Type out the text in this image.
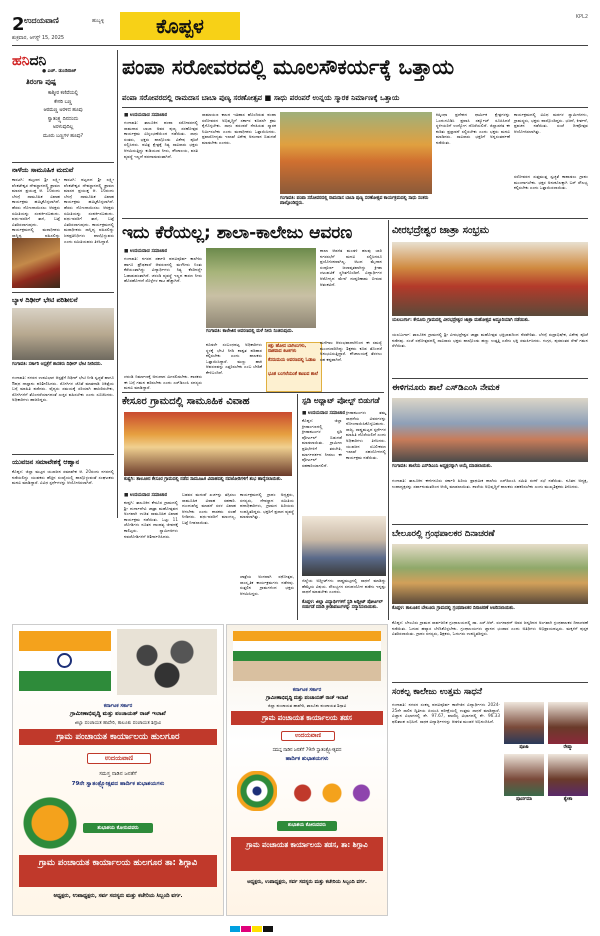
2 ಉದಯವಾಣಿ	ಹುಬ್ಬಳ್ಳಿ
ಶುಕ್ರವಾರ, ಆಗಸ್ಟ್ 15, 2025	ಕೊಪ್ಪಳ	KPL2
ಹನಿದನಿ
● ಎಚ್. ಡುಂಡಿರಾಜ್
ತಿರಂಗಾ ಪುಷ್ಪ
ಕಾಶ್ಮೀರ ಕಣಿವೆಯಲ್ಲಿ
ಕೇಸರಿ ಬಣ್ಣ
ಆರಮಣ್ಣ ಅರಳಿದ ಹೂವು
ಸ್ವಾತಂತ್ರ್ಯ ದಿನದಂದು
ಅರಳುವುದಿಲ್ಲ
ಮೂರು ಬಣ್ಣಗಳ ಹೂವು?
ನಾಳೆಯ ಸಾಮೂಹಿಕ ಮದುವೆ
ಕಾರಟಗಿ: ಪಟ್ಟಣದ ಶ್ರೀ ಲಕ್ಷ್ಮೀ ವೆಂಕಟೇಶ್ವರ ದೇವಸ್ಥಾನದಲ್ಲಿ ಶ್ರಾವಣ ಮಾಸದ ಪ್ರಯುಕ್ತ ಆ. 16ರಂದು ಬೆಳಗ್ಗೆ ಸಾಮೂಹಿಕ ವಿವಾಹ ಕಾರ್ಯಕ್ರಮ ಹಮ್ಮಿಕೊಳ್ಳಲಾಗಿದೆ. ಹೆಸರು ನೋಂದಾಯಿಸಲು ಆಸಕ್ತರು ಸಮಿತಿಯನ್ನು ಸಂಪರ್ಕಿಸಬಹುದು. ವಧು-ವರರಿಗೆ ತಾಳಿ, ಬಟ್ಟೆ ವಿತರಿಸಲಾಗುವುದು. ಕಾರ್ಯಕ್ರಮದಲ್ಲಿ ಮಠಾಧೀಶರು ಸಾನ್ನಿಧ್ಯ ವಹಿಸಲಿದ್ದು
ಕಾರಟಗಿ: ಪಟ್ಟಣದ ಶ್ರೀ ಲಕ್ಷ್ಮೀ ವೆಂಕಟೇಶ್ವರ ದೇವಸ್ಥಾನದಲ್ಲಿ ಶ್ರಾವಣ ಮಾಸದ ಪ್ರಯುಕ್ತ ಆ. 16ರಂದು ಬೆಳಗ್ಗೆ ಸಾಮೂಹಿಕ ವಿವಾಹ ಕಾರ್ಯಕ್ರಮ ಹಮ್ಮಿಕೊಳ್ಳಲಾಗಿದೆ. ಹೆಸರು ನೋಂದಾಯಿಸಲು ಆಸಕ್ತರು ಸಮಿತಿಯನ್ನು ಸಂಪರ್ಕಿಸಬಹುದು. ವಧು-ವರರಿಗೆ ತಾಳಿ, ಬಟ್ಟೆ ವಿತರಿಸಲಾಗುವುದು. ಕಾರ್ಯಕ್ರಮದಲ್ಲಿ ಮಠಾಧೀಶರು ಸಾನ್ನಿಧ್ಯ ವಹಿಸಲಿದ್ದು ಜನಪ್ರತಿನಿಧಿಗಳು ಪಾಲ್ಗೊಳ್ಳುವರು ಎಂದು ಸಮಿತಿಯವರು ತಿಳಿಸಿದ್ದಾರೆ.
ಬ್ಯಾಳ ದಿಢೀರ್‌ ಭೇಟಿ ಪರಿಶೀಲನೆ
ಗಂಗಾವತಿ: ಸರ್ಕಾರಿ ಆಸ್ಪತ್ರೆಗೆ ಶಾಸಕರು ದಿಢೀರ್‌ ಭೇಟಿ ನೀಡಿದರು.
ಗಂಗಾವತಿ: ನಗರದ ಉಪವಿಭಾಗ ಆಸ್ಪತ್ರೆಗೆ ದಿಢೀರ್ ಭೇಟಿ ನೀಡಿ ಸ್ವಚ್ಛತೆ ಹಾಗೂ ಔಷಧ ದಾಸ್ತಾನು ಪರಿಶೀಲಿಸಿದರು. ರೋಗಿಗಳ ಜೊತೆ ಮಾತನಾಡಿ ಚಿಕಿತ್ಸೆಯ ಬಗ್ಗೆ ಮಾಹಿತಿ ಪಡೆದರು. ವೈದ್ಯರು ಸಮಯಕ್ಕೆ ಸರಿಯಾಗಿ ಹಾಜರಿರಬೇಕು, ರೋಗಿಗಳಿಗೆ ತೊಂದರೆಯಾಗದಂತೆ ಎಚ್ಚರ ವಹಿಸಬೇಕು ಎಂದು ಸೂಚಿಸಿದರು. ಅಧಿಕಾರಿಗಳು ಹಾಜರಿದ್ದರು.
ಯುವಜನ ಸಮಾವೇಶಕ್ಕೆ ಆಹ್ವಾನ
ಕೊಪ್ಪಳ: ಜಿಲ್ಲಾ ಮಟ್ಟದ ಯುವಜನ ಸಮಾವೇಶ ಆ. 20ರಂದು ನಗರದಲ್ಲಿ ನಡೆಯಲಿದ್ದು ಯುವಕರು ಹೆಚ್ಚಿನ ಸಂಖ್ಯೆಯಲ್ಲಿ ಪಾಲ್ಗೊಳ್ಳುವಂತೆ ಸಂಘಟಕರು ಮನವಿ ಮಾಡಿದ್ದಾರೆ. ವಿವಿಧ ಸ್ಪರ್ಧೆಗಳನ್ನು ಆಯೋಜಿಸಲಾಗಿದೆ.
ಪಂಪಾ ಸರೋವರದಲ್ಲಿ ಮೂಲಸೌಕರ್ಯಕ್ಕೆ ಒತ್ತಾಯ
ಪಂಪಾ ಸರೋವರದಲ್ಲಿ ರಾಮದಾಸ ಬಾಬಾ ಪುಣ್ಯ ಸರಣೋತ್ಸವ ■ ಸಾಧು ಪರಂಪರೆ ಉನ್ನಯ ಸ್ಮಾರಕ ನಿರ್ಮಾಣಕ್ಕೆ ಒತ್ತಾಯ
■ ಉದಯವಾಣಿ ಸಮಾಚಾರ
ಗಂಗಾವತಿ: ತಾಲೂಕಿನ ಪಂಪಾ ಸರೋವರದಲ್ಲಿ ರಾಮದಾಸ ಬಾಬಾ ಅವರ ಪುಣ್ಯ ಸರಣೋತ್ಸವ ಕಾರ್ಯಕ್ರಮ ವಿಜೃಂಭಣೆಯಿಂದ ನಡೆಯಿತು. ಸಾಧು ಸಂತರು, ಭಕ್ತರು ಪಾಲ್ಗೊಂಡು ವಿಶೇಷ ಪೂಜೆ ಸಲ್ಲಿಸಿದರು. ಪವಿತ್ರ ಕ್ಷೇತ್ರಕ್ಕೆ ನಿತ್ಯ ಸಾವಿರಾರು ಭಕ್ತರು ಆಗಮಿಸುತ್ತಿದ್ದು ಕುಡಿಯುವ ನೀರು, ಶೌಚಾಲಯ, ವಸತಿ ವ್ಯವಸ್ಥೆ ಇಲ್ಲದೆ ಪರದಾಡುವಂತಾಗಿದೆ.
ರಾಮಾಯಣ ಕಾಲದ ಇತಿಹಾಸ ಹೊಂದಿರುವ ಪಂಪಾ ಸರೋವರದ ಅಭಿವೃದ್ಧಿಗೆ ಸರ್ಕಾರ ಕೂಡಲೇ ಕ್ರಮ ಕೈಗೊಳ್ಳಬೇಕು. ಸಾಧು ಪರಂಪರೆ ನೆನಪಿಸುವ ಸ್ಮಾರಕ ನಿರ್ಮಿಸಬೇಕು ಎಂದು ಮಠಾಧೀಶರು ಒತ್ತಾಯಿಸಿದರು. ಪ್ರವಾಸೋದ್ಯಮ ಇಲಾಖೆ ವಿಶೇಷ ಅನುದಾನ ಬಿಡುಗಡೆ ಮಾಡಬೇಕು ಎಂದರು.
ಗಂಗಾವತಿ: ಪಂಪಾ ಸರೋವರದಲ್ಲಿ ರಾಮದಾಸ ಬಾಬಾ ಪುಣ್ಯ ಸರಣೋತ್ಸವ ಕಾರ್ಯಕ್ರಮದಲ್ಲಿ ಸಾಧು ಸಂತರು ಪಾಲ್ಗೊಂಡಿದ್ದರು.
ಕಿಷ್ಕಿಂಧಾ ಪ್ರದೇಶದ ಧಾರ್ಮಿಕ ಕ್ಷೇತ್ರಗಳನ್ನು ಒಂದುಗೂಡಿಸಿ ಪ್ರವಾಸಿ ಸರ್ಕ್ಯೂಟ್ ರೂಪಿಸಿದರೆ ಸ್ಥಳೀಯರಿಗೆ ಉದ್ಯೋಗ ದೊರೆಯಲಿದೆ. ಜಿಲ್ಲಾಡಳಿತ ಈ ಕುರಿತು ಪ್ರಸ್ತಾವನೆ ಸಲ್ಲಿಸಬೇಕು ಎಂದು ಭಕ್ತರು ಮನವಿ ಮಾಡಿದರು. ಸಾವಿರಾರು ಭಕ್ತರಿಗೆ ಅನ್ನಸಂತರ್ಪಣೆ ನಡೆಯಿತು.
ಕಾರ್ಯಕ್ರಮದಲ್ಲಿ ವಿವಿಧ ಮಠಗಳ ಸ್ವಾಮೀಜಿಗಳು, ಗ್ರಾಮಸ್ಥರು, ಭಕ್ತರು ಪಾಲ್ಗೊಂಡಿದ್ದರು. ಭಜನೆ, ಕೀರ್ತನೆ, ಪ್ರವಚನ ನಡೆಯಿತು. ಸಂಜೆ ದೀಪೋತ್ಸವ ಆಯೋಜಿಸಲಾಗಿತ್ತು.
ಸರೋವರದ ಸುತ್ತಮುತ್ತ ಸ್ವಚ್ಛತೆ ಕಾಪಾಡಲು ಗ್ರಾಪಂ ಮುಂದಾಗಬೇಕು. ಭಕ್ತರ ಅನುಕೂಲಕ್ಕಾಗಿ ಬಸ್ ಸೌಲಭ್ಯ ಕಲ್ಪಿಸಬೇಕು ಎಂದು ಒತ್ತಾಯಿಸಲಾಯಿತು.
ಇದು ಕೆರೆಯಲ್ಲ; ಶಾಲಾ-ಕಾಲೇಜು ಆವರಣ
■ ಉದಯವಾಣಿ ಸಮಾಚಾರ
ಗಂಗಾವತಿ: ನಗರದ ಸರ್ಕಾರಿ ಪದವಿಪೂರ್ವ ಕಾಲೇಜು ಹಾಗೂ ಪ್ರೌಢಶಾಲೆ ಆವರಣದಲ್ಲಿ ಮಳೆನೀರು ನಿಂತು ಕೆರೆಯಂತಾಗಿದ್ದು ವಿದ್ಯಾರ್ಥಿಗಳು ನಿತ್ಯ ಕೆಸರಿನಲ್ಲೇ ಓಡಾಡುವಂತಾಗಿದೆ. ಚರಂಡಿ ವ್ಯವಸ್ಥೆ ಇಲ್ಲದ ಕಾರಣ ನೀರು ಹೊರಹೋಗದೆ ಸೊಳ್ಳೆಗಳ ಕಾಟ ಹೆಚ್ಚಾಗಿದೆ.
ಗಂಗಾವತಿ: ಕಾಲೇಜಿನ ಆವರಣದಲ್ಲಿ ಮಳೆ ನೀರು ನಿಂತಿರುವುದು.
ಶಾಲಾ ಆಡಳಿತ ಮಂಡಳಿ ಹಲವು ಬಾರಿ ನಗರಸಭೆಗೆ ಮನವಿ ಸಲ್ಲಿಸಿದರೂ ಪ್ರಯೋಜನವಾಗಿಲ್ಲ. ಆಟದ ಮೈದಾನ ಸಂಪೂರ್ಣ ಜಲಾವೃತವಾಗಿದ್ದು ಕ್ರೀಡಾ ಚಟುವಟಿಕೆ ಸ್ಥಗಿತಗೊಂಡಿದೆ. ವಿದ್ಯಾರ್ಥಿಗಳ ಆರೋಗ್ಯದ ಮೇಲೆ ದುಷ್ಪರಿಣಾಮ ಬೀರುವ ಆತಂಕವಿದೆ.
ಕೂಡಲೇ ಸಂಬಂಧಪಟ್ಟ ಅಧಿಕಾರಿಗಳು ಸ್ಥಳಕ್ಕೆ ಭೇಟಿ ನೀಡಿ ಶಾಶ್ವತ ಪರಿಹಾರ ಕಲ್ಪಿಸಬೇಕು ಎಂದು ಪಾಲಕರು ಒತ್ತಾಯಿಸಿದ್ದಾರೆ. ಮಣ್ಣು ಹಾಕಿ ಆವರಣವನ್ನು ಎತ್ತರಿಸಬೇಕು ಎಂಬ ಬೇಡಿಕೆ ಕೇಳಿಬಂದಿದೆ.
ಕಿತ್ತು ಹೋದ ಬಾಗಿಲುಗಳು, ನಾಶವಾದ ಕಿಟಕಿಗಳು
ಕೆಸರುಮಯ ಆವರಣದಲ್ಲಿ ಓಡಾಟ
ಭೂತ ಬಂಗಲೆಯಂತೆ ಕಾಣುವ ಶಾಲೆ
ಮಳೆಗಾಲ ಆರಂಭವಾದಾಗಿನಿಂದ ಈ ಸಮಸ್ಯೆ ಮುಂದುವರಿದಿದ್ದು ಶಿಕ್ಷಕರು ಕೂಡ ತೊಂದರೆ ಅನುಭವಿಸುತ್ತಿದ್ದಾರೆ. ಶೌಚಾಲಯಕ್ಕೆ ತೆರಳಲು ಸಹ ಕಷ್ಟವಾಗಿದೆ.
ಚರಂಡಿ ನಿರ್ಮಾಣಕ್ಕೆ ಅನುದಾನ ಮೀಸಲಿಡಬೇಕು. ಶಾಸಕರು ಈ ಬಗ್ಗೆ ಗಮನ ಹರಿಸಬೇಕು ಎಂದು ಎಸ್‌ಡಿಎಂಸಿ ಸದಸ್ಯರು ಮನವಿ ಮಾಡಿದ್ದಾರೆ.
ಕೇಸೂರ ಗ್ರಾಮದಲ್ಲಿ ಸಾಮೂಹಿಕ ವಿವಾಹ
ಕುಷ್ಟಗಿ: ತಾಲೂಕಿನ ಕೇಸೂರ ಗ್ರಾಮದಲ್ಲಿ ನಡೆದ ಸಾಮೂಹಿಕ ವಿವಾಹದಲ್ಲಿ ನವಜೋಡಿಗಳಿಗೆ ಶುಭ ಹಾರೈಸಲಾಯಿತು.
■ ಉದಯವಾಣಿ ಸಮಾಚಾರ
ಕುಷ್ಟಗಿ: ತಾಲೂಕಿನ ಕೇಸೂರ ಗ್ರಾಮದಲ್ಲಿ ಶ್ರೀ ದುರ್ಗಾದೇವಿ ಜಾತ್ರಾ ಮಹೋತ್ಸವದ ಅಂಗವಾಗಿ ಉಚಿತ ಸಾಮೂಹಿಕ ವಿವಾಹ ಕಾರ್ಯಕ್ರಮ ನಡೆಯಿತು. ಒಟ್ಟು 11 ಜೋಡಿಗಳು ನೂತನ ದಾಂಪತ್ಯ ಜೀವನಕ್ಕೆ ಕಾಲಿಟ್ಟರು. ಸ್ವಾಮೀಜಿಗಳು ನವಜೋಡಿಗಳಿಗೆ ಆಶೀರ್ವದಿಸಿದರು.
ಬಡವರ ಮದುವೆ ಖರ್ಚನ್ನು ತಗ್ಗಿಸಲು ಸಾಮೂಹಿಕ ವಿವಾಹ ಸಹಕಾರಿ. ದುಂದುವೆಚ್ಚ ಮಾಡದೆ ಸರಳ ವಿವಾಹ ಆಗಬೇಕು ಎಂದು ಶಾಸಕರು ಸಲಹೆ ನೀಡಿದರು. ವಧು-ವರರಿಗೆ ಮಾಂಗಲ್ಯ, ಬಟ್ಟೆ ನೀಡಲಾಯಿತು.
ಕಾರ್ಯಕ್ರಮದಲ್ಲಿ ಗ್ರಾಪಂ ಅಧ್ಯಕ್ಷರು, ಸದಸ್ಯರು, ದೇವಸ್ಥಾನ ಸಮಿತಿಯ ಪದಾಧಿಕಾರಿಗಳು, ಗ್ರಾಮದ ಹಿರಿಯರು ಉಪಸ್ಥಿತರಿದ್ದರು. ಭಕ್ತರಿಗೆ ಪ್ರಸಾದ ವ್ಯವಸ್ಥೆ ಮಾಡಲಾಗಿತ್ತು.
ಜಾತ್ರೆಯ ಅಂಗವಾಗಿ ರಥೋತ್ಸವ, ಸಾಂಸ್ಕೃತಿಕ ಕಾರ್ಯಕ್ರಮಗಳು ನಡೆದವು. ಸುತ್ತಲಿನ ಗ್ರಾಮಗಳಿಂದ ಭಕ್ತರು ಆಗಮಿಸಿದ್ದರು.
ಸ್ಪಡಿ ಅಥ್ಲಾಟ್ ಪೋಲ್ಟ್ ಬಿಡುಗಡೆ
■ ಉದಯವಾಣಿ ಸಮಾಚಾರ
ಕೊಪ್ಪಳ: ಜಿಲ್ಲಾ ಕ್ರೀಡಾಂಗಣದಲ್ಲಿ ಕ್ರೀಡಾಪಟುಗಳ ಸ್ಟಡಿ ಪೋರ್ಟಲ್ ಬಿಡುಗಡೆ ಮಾಡಲಾಯಿತು. ಗ್ರಾಮೀಣ ಪ್ರತಿಭೆಗಳಿಗೆ ತರಬೇತಿ, ಮಾರ್ಗದರ್ಶನ ನೀಡಲು ಈ ಪೋರ್ಟಲ್ ಸಹಕಾರಿಯಾಗಲಿದೆ.
ಕ್ರೀಡಾಪಟುಗಳು ತಮ್ಮ ಸಾಧನೆಯ ವಿವರಗಳನ್ನು ನೋಂದಾಯಿಸಿಕೊಳ್ಳಬಹುದು. ರಾಜ್ಯ, ರಾಷ್ಟ್ರಮಟ್ಟದ ಸ್ಪರ್ಧೆಗಳ ಮಾಹಿತಿ ದೊರೆಯಲಿದೆ ಎಂದು ಅಧಿಕಾರಿಗಳು ತಿಳಿಸಿದರು. ಯುವಜನ ಸಬಲೀಕರಣ ಇಲಾಖೆ ಸಹಯೋಗದಲ್ಲಿ ಕಾರ್ಯಕ್ರಮ ನಡೆಯಿತು.
ಜಿಲ್ಲೆಯ ಅಥ್ಲೀಟ್‌ಗಳು ರಾಷ್ಟ್ರಮಟ್ಟದಲ್ಲಿ ಸಾಧನೆ ಮಾಡಿದ್ದು ಹೆಮ್ಮೆಯ ವಿಷಯ. ಸೌಲಭ್ಯಗಳ ಸದುಪಯೋಗ ಪಡೆದು ಇನ್ನಷ್ಟು ಸಾಧನೆ ಮಾಡಬೇಕು ಎಂದರು.
ಕೊಪ್ಪಳ: ಜಿಲ್ಲಾ ವಿದ್ಯಾರ್ಥಿಗಳಿಗೆ ಸ್ಟಡಿ ಅಥ್ಲೀಟ್ ಪೋರ್ಟಲ್ ಬಿಡುಗಡೆ ಮಾಡಿ ಕ್ರೀಡಾಪಟುಗಳನ್ನು ಸನ್ಮಾನಿಸಲಾಯಿತು.
ವೀರಭದ್ರೇಶ್ವರ ಜಾತ್ರಾ ಸಂಭ್ರಮ
ಯಲಬುರ್ಗಾ: ಕೇಸೂರು ಗ್ರಾಮದಲ್ಲಿ ವೀರಭದ್ರೇಶ್ವರ ಜಾತ್ರಾ ಮಹೋತ್ಸವ ಅದ್ದೂರಿಯಾಗಿ ನಡೆಯಿತು.
ಯಲಬುರ್ಗಾ: ತಾಲೂಕಿನ ಗ್ರಾಮದಲ್ಲಿ ಶ್ರೀ ವೀರಭದ್ರೇಶ್ವರ ಜಾತ್ರಾ ಮಹೋತ್ಸವ ಭಕ್ತಿಭಾವದಿಂದ ನೆರವೇರಿತು. ಬೆಳಗ್ಗೆ ರುದ್ರಾಭಿಷೇಕ, ವಿಶೇಷ ಪೂಜೆ ನಡೆದವು. ಸಂಜೆ ರಥೋತ್ಸವದಲ್ಲಿ ಸಾವಿರಾರು ಭಕ್ತರು ಪಾಲ್ಗೊಂಡು ಹಣ್ಣು ಉತ್ತತ್ತಿ ಎಸೆದು ಭಕ್ತಿ ಸಮರ್ಪಿಸಿದರು. ಗುಗ್ಗಳ, ಪುರವಂತರ ಸೇವೆ ಗಮನ ಸೆಳೆಯಿತು.
ಈಳಿಗನೂರು ಶಾಲೆ ಎಸ್‌ಡಿಎಂಸಿ ನೇಮಕ
ಗಂಗಾವತಿ: ಶಾಲೆಯ ಎಸ್‌ಡಿಎಂಸಿ ಅಧ್ಯಕ್ಷರನ್ನಾಗಿ ಆಯ್ಕೆ ಮಾಡಲಾಯಿತು.
ಗಂಗಾವತಿ: ತಾಲೂಕಿನ ಈಳಿಗನೂರು ಸರ್ಕಾರಿ ಹಿರಿಯ ಪ್ರಾಥಮಿಕ ಶಾಲೆಯ ಎಸ್‌ಡಿಎಂಸಿ ಸಮಿತಿ ರಚನೆ ಸಭೆ ನಡೆಯಿತು. ನೂತನ ಅಧ್ಯಕ್ಷ, ಉಪಾಧ್ಯಕ್ಷರನ್ನು ಸರ್ವಾನುಮತದಿಂದ ಆಯ್ಕೆ ಮಾಡಲಾಯಿತು. ಶಾಲೆಯ ಅಭಿವೃದ್ಧಿಗೆ ಪಾಲಕರು ಸಹಕರಿಸಬೇಕು ಎಂದು ಮುಖ್ಯಶಿಕ್ಷಕರು ತಿಳಿಸಿದರು.
ಬೇಲೂರಲ್ಲಿ ಗ್ರಂಥಪಾಲಕರ ದಿನಾಚರಣೆ
ಕೊಪ್ಪಳ: ತಾಲೂಕಿನ ಬೇಲೂರು ಗ್ರಾಮದಲ್ಲಿ ಗ್ರಂಥಪಾಲಕರ ದಿನಾಚರಣೆ ಆಚರಿಸಲಾಯಿತು.
ಕೊಪ್ಪಳ: ಬೇಲೂರು ಗ್ರಾಮದ ಸಾರ್ವಜನಿಕ ಗ್ರಂಥಾಲಯದಲ್ಲಿ ಡಾ. ಎಸ್.ಆರ್. ರಂಗನಾಥನ್ ಅವರ ಜನ್ಮದಿನದ ಅಂಗವಾಗಿ ಗ್ರಂಥಪಾಲಕರ ದಿನಾಚರಣೆ ನಡೆಯಿತು. ಓದುವ ಹವ್ಯಾಸ ಬೆಳೆಸಿಕೊಳ್ಳಬೇಕು. ಗ್ರಂಥಾಲಯಗಳು ಜ್ಞಾನದ ಭಂಡಾರ ಎಂದು ಅತಿಥಿಗಳು ಅಭಿಪ್ರಾಯಪಟ್ಟರು. ಮಕ್ಕಳಿಗೆ ಪುಸ್ತಕ ವಿತರಿಸಲಾಯಿತು. ಗ್ರಾಪಂ ಸದಸ್ಯರು, ಶಿಕ್ಷಕರು, ಓದುಗರು ಉಪಸ್ಥಿತರಿದ್ದರು.
ಸಂಕಲ್ಪ ಕಾಲೇಜು ಉತ್ತಮ ಸಾಧನೆ
ಗಂಗಾವತಿ: ನಗರದ ಸಂಕಲ್ಪ ಪದವಿಪೂರ್ವ ಕಾಲೇಜಿನ ವಿದ್ಯಾರ್ಥಿಗಳು 2024-25ನೇ ಸಾಲಿನ ದ್ವಿತೀಯ ಪಿಯುಸಿ ಪರೀಕ್ಷೆಯಲ್ಲಿ ಉತ್ತಮ ಸಾಧನೆ ಮಾಡಿದ್ದಾರೆ. ವಿಜ್ಞಾನ ವಿಭಾಗದಲ್ಲಿ ಶೇ. 97.67, ವಾಣಿಜ್ಯ ವಿಭಾಗದಲ್ಲಿ ಶೇ. 96.33 ಫಲಿತಾಂಶ ಲಭಿಸಿದೆ. ಸಾಧಕ ವಿದ್ಯಾರ್ಥಿಗಳನ್ನು ಆಡಳಿತ ಮಂಡಳಿ ಅಭಿನಂದಿಸಿದೆ.
ಪೂಜಾ	ರೇಷ್ಮಾ
ಪೂರ್ಣಿಮಾ	ಶ್ವೇತಾ
ಕರ್ನಾಟಕ ಸರ್ಕಾರ
ಗ್ರಾಮೀಣಾಭಿವೃದ್ಧಿ ಮತ್ತು ಪಂಚಾಯತ್ ರಾಜ್ ಇಲಾಖೆ
ಜಿಲ್ಲಾ ಪಂಚಾಯತ ಹಾವೇರಿ, ತಾಲೂಕು ಪಂಚಾಯತ ಶಿಗ್ಗಾವಿ
ಗ್ರಾಮ ಪಂಚಾಯತ ಕಾರ್ಯಾಲಯ ಹುಲಗೂರ
ಉದಯವಾಣಿ
ಸಮಸ್ತ ನಾಡಿನ ಜನತೆಗೆ
79ನೇ ಸ್ವಾತಂತ್ರ್ಯೋತ್ಸವದ ಹಾರ್ದಿಕ ಶುಭಾಶಯಗಳು
ಶುಭಾಶಯ ಕೋರುವವರು
ಗ್ರಾಮ ಪಂಚಾಯತ ಕಾರ್ಯಾಲಯ ಹುಲಗೂರ ತಾ: ಶಿಗ್ಗಾವಿ
ಅಧ್ಯಕ್ಷರು, ಉಪಾಧ್ಯಕ್ಷರು, ಸರ್ವ ಸದಸ್ಯರು ಮತ್ತು ಕಚೇರಿಯ ಸಿಬ್ಬಂದಿ ವರ್ಗ.
ಕರ್ನಾಟಕ ಸರ್ಕಾರ
ಗ್ರಾಮೀಣಾಭಿವೃದ್ಧಿ ಮತ್ತು ಪಂಚಾಯತ್ ರಾಜ್ ಇಲಾಖೆ
ಜಿಲ್ಲಾ ಪಂಚಾಯತ ಹಾವೇರಿ, ತಾಲೂಕು ಪಂಚಾಯತ ಶಿಗ್ಗಾವಿ
ಗ್ರಾಮ ಪಂಚಾಯತ ಕಾರ್ಯಾಲಯ ತಡಸ
ಉದಯವಾಣಿ
ಸಮಸ್ತ ನಾಡಿನ ಜನತೆಗೆ 79ನೇ ಸ್ವಾತಂತ್ರ್ಯೋತ್ಸವದ
ಹಾರ್ದಿಕ ಶುಭಾಶಯಗಳು
ಶುಭಾಶಯ ಕೋರುವವರು
ಗ್ರಾಮ ಪಂಚಾಯತ ಕಾರ್ಯಾಲಯ ತಡಸ, ತಾ: ಶಿಗ್ಗಾವಿ
ಅಧ್ಯಕ್ಷರು, ಉಪಾಧ್ಯಕ್ಷರು, ಸರ್ವ ಸದಸ್ಯರು ಮತ್ತು ಕಚೇರಿಯ ಸಿಬ್ಬಂದಿ ವರ್ಗ.
